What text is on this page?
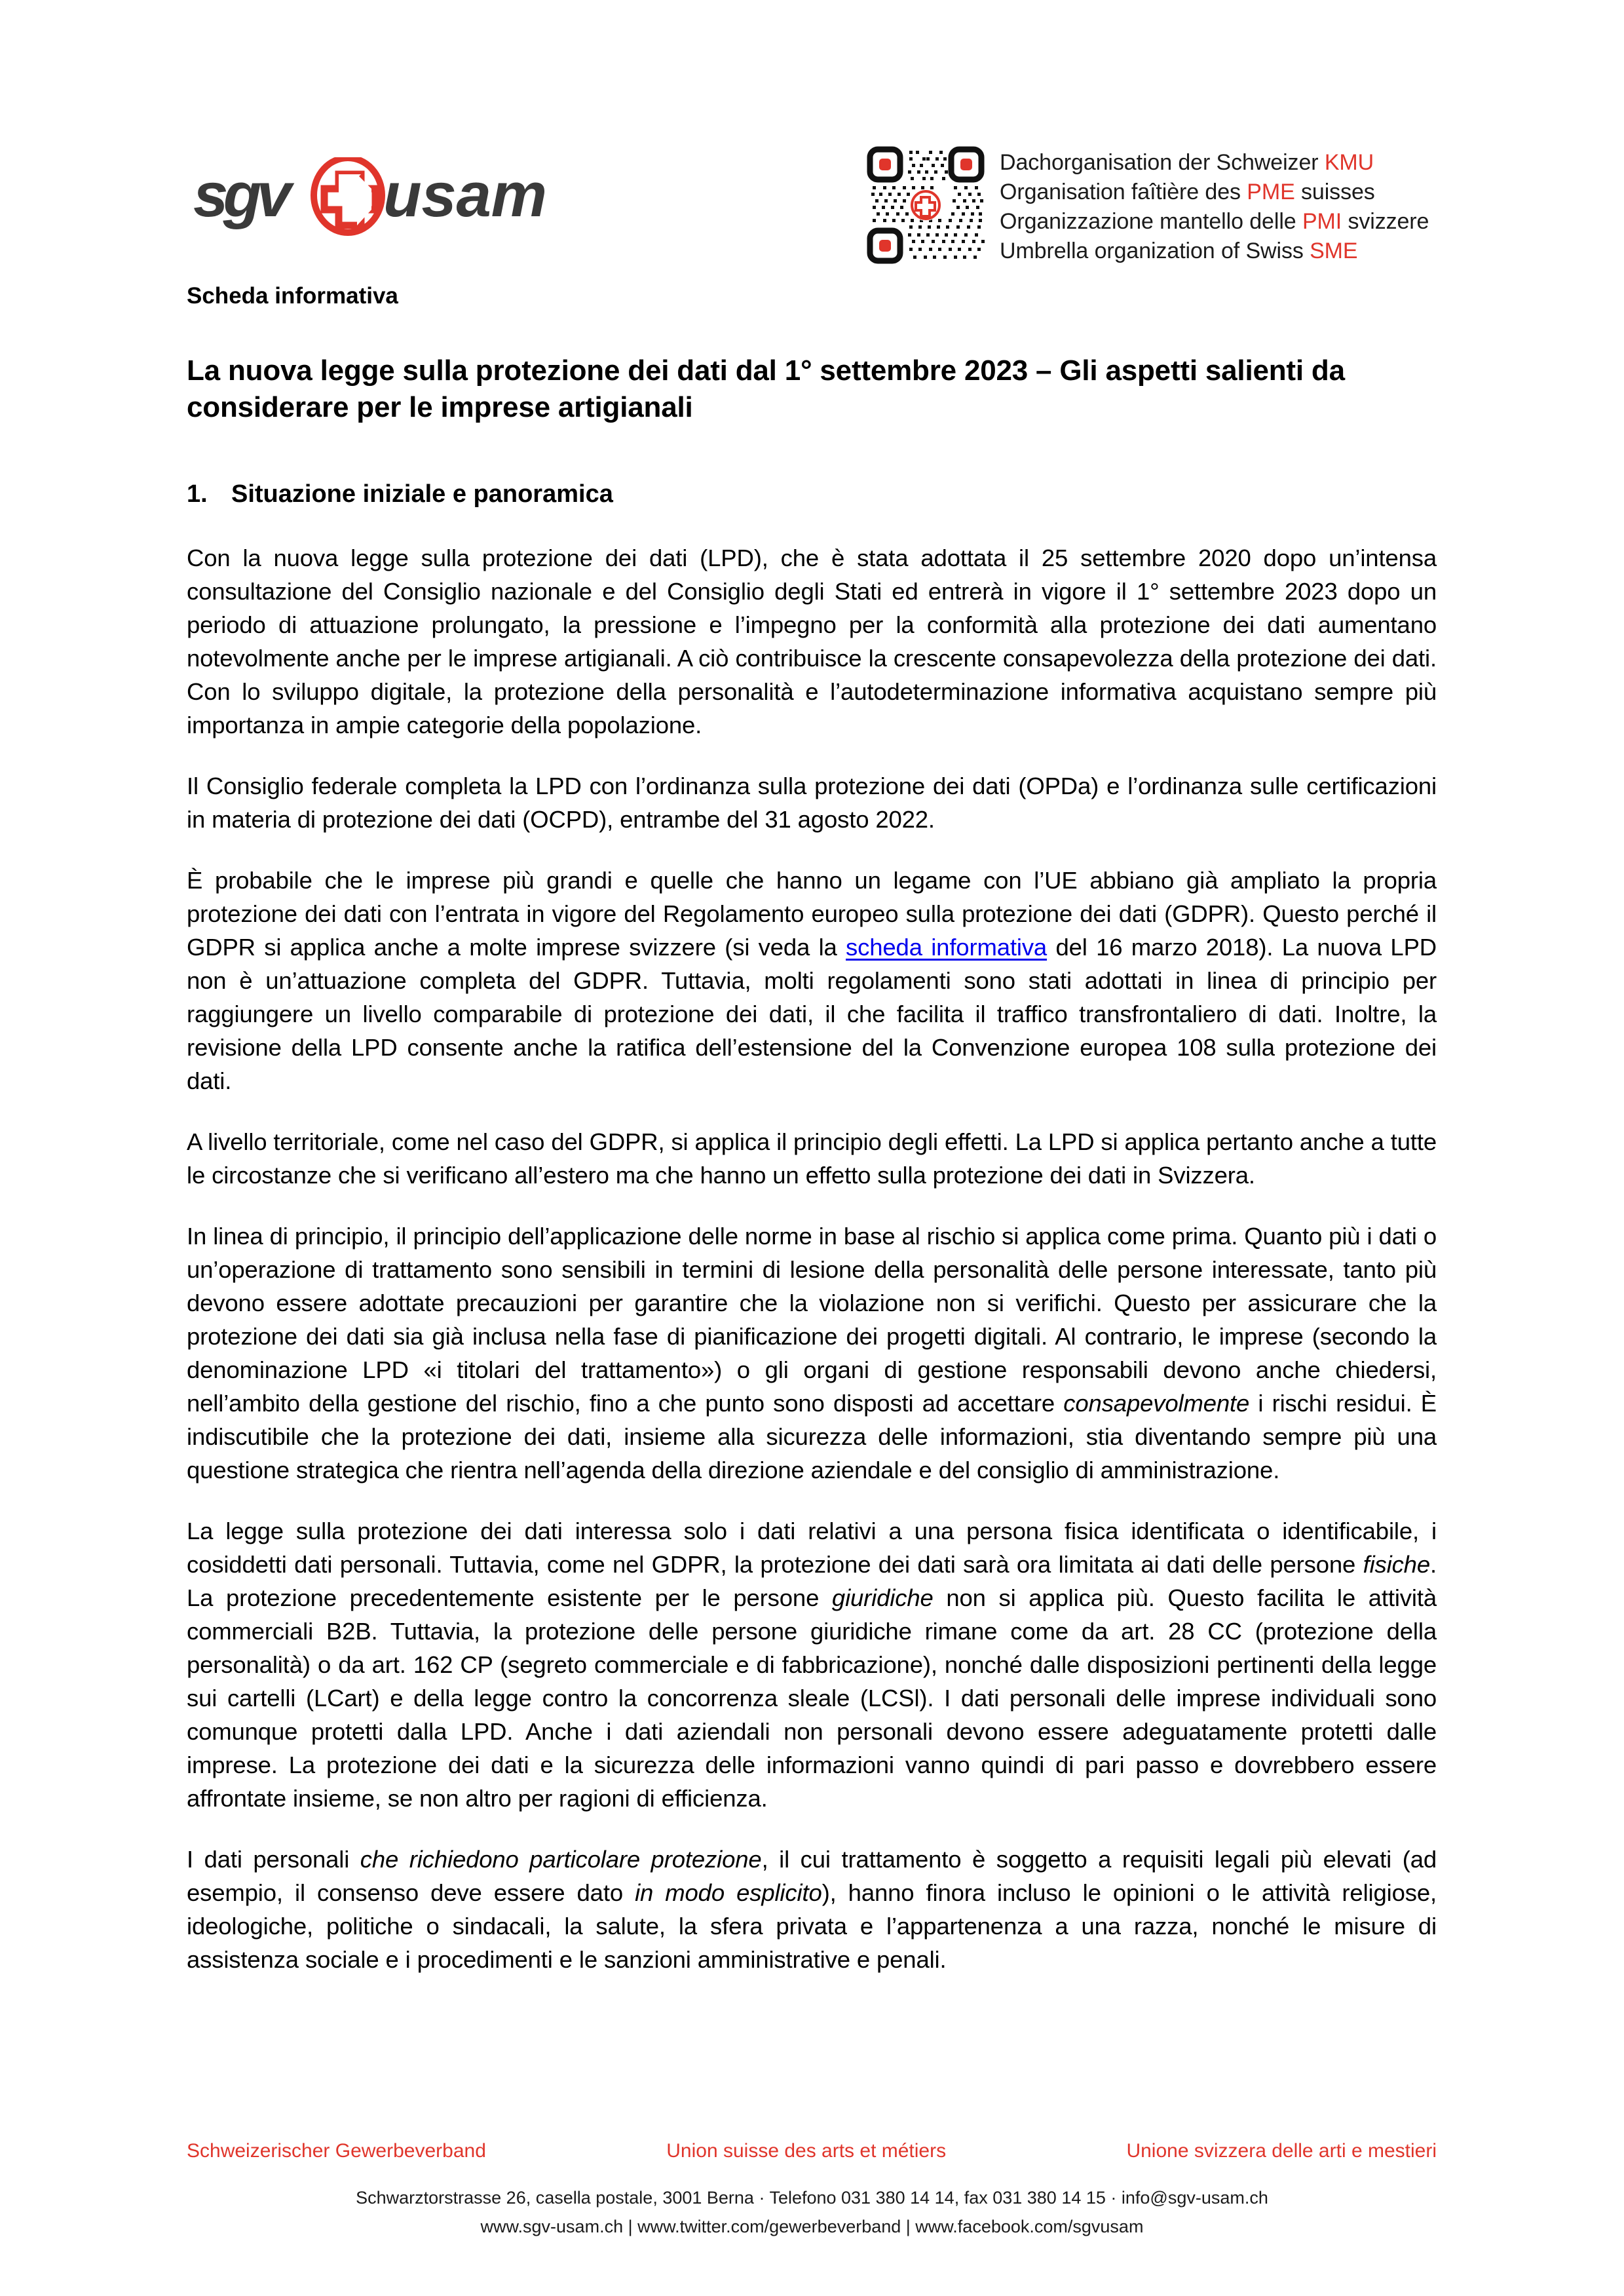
sgv usam	Dachorganisation der Schweizer KMU
Organisation faîtière des PME suisses
Organizzazione mantello delle PMI svizzere
Umbrella organization of Swiss SME
Scheda informativa
La nuova legge sulla protezione dei dati dal 1° settembre 2023 – Gli aspetti salienti da considerare per le imprese artigianali
1. Situazione iniziale e panoramica

Con la nuova legge sulla protezione dei dati (LPD), che è stata adottata il 25 settembre 2020 dopo un’intensa consultazione del Consiglio nazionale e del Consiglio degli Stati ed entrerà in vigore il 1° settembre 2023 dopo un periodo di attuazione prolungato, la pressione e l’impegno per la conformità alla protezione dei dati aumentano notevolmente anche per le imprese artigianali. A ciò contribuisce la crescente consapevolezza della protezione dei dati. Con lo sviluppo digitale, la protezione della personalità e l’autodeterminazione informativa acquistano sempre più importanza in ampie categorie della popolazione.

Il Consiglio federale completa la LPD con l’ordinanza sulla protezione dei dati (OPDa) e l’ordinanza sulle certificazioni in materia di protezione dei dati (OCPD), entrambe del 31 agosto 2022.

È probabile che le imprese più grandi e quelle che hanno un legame con l’UE abbiano già ampliato la propria protezione dei dati con l’entrata in vigore del Regolamento europeo sulla protezione dei dati (GDPR). Questo perché il GDPR si applica anche a molte imprese svizzere (si veda la scheda informativa del 16 marzo 2018). La nuova LPD non è un’attuazione completa del GDPR. Tuttavia, molti regolamenti sono stati adottati in linea di principio per raggiungere un livello comparabile di protezione dei dati, il che facilita il traffico transfrontaliero di dati. Inoltre, la revisione della LPD consente anche la ratifica dell’estensione del la Convenzione europea 108 sulla protezione dei dati.

A livello territoriale, come nel caso del GDPR, si applica il principio degli effetti. La LPD si applica pertanto anche a tutte le circostanze che si verificano all’estero ma che hanno un effetto sulla protezione dei dati in Svizzera.

In linea di principio, il principio dell’applicazione delle norme in base al rischio si applica come prima. Quanto più i dati o un’operazione di trattamento sono sensibili in termini di lesione della personalità delle persone interessate, tanto più devono essere adottate precauzioni per garantire che la violazione non si verifichi. Questo per assicurare che la protezione dei dati sia già inclusa nella fase di pianificazione dei progetti digitali. Al contrario, le imprese (secondo la denominazione LPD «i titolari del trattamento») o gli organi di gestione responsabili devono anche chiedersi, nell’ambito della gestione del rischio, fino a che punto sono disposti ad accettare consapevolmente i rischi residui. È indiscutibile che la protezione dei dati, insieme alla sicurezza delle informazioni, stia diventando sempre più una questione strategica che rientra nell’agenda della direzione aziendale e del consiglio di amministrazione.

La legge sulla protezione dei dati interessa solo i dati relativi a una persona fisica identificata o identificabile, i cosiddetti dati personali. Tuttavia, come nel GDPR, la protezione dei dati sarà ora limitata ai dati delle persone fisiche. La protezione precedentemente esistente per le persone giuridiche non si applica più. Questo facilita le attività commerciali B2B. Tuttavia, la protezione delle persone giuridiche rimane come da art. 28 CC (protezione della personalità) o da art. 162 CP (segreto commerciale e di fabbricazione), nonché dalle disposizioni pertinenti della legge sui cartelli (LCart) e della legge contro la concorrenza sleale (LCSl). I dati personali delle imprese individuali sono comunque protetti dalla LPD. Anche i dati aziendali non personali devono essere adeguatamente protetti dalle imprese. La protezione dei dati e la sicurezza delle informazioni vanno quindi di pari passo e dovrebbero essere affrontate insieme, se non altro per ragioni di efficienza.

I dati personali che richiedono particolare protezione, il cui trattamento è soggetto a requisiti legali più elevati (ad esempio, il consenso deve essere dato in modo esplicito), hanno finora incluso le opinioni o le attività religiose, ideologiche, politiche o sindacali, la salute, la sfera privata e l’appartenenza a una razza, nonché le misure di assistenza sociale e i procedimenti e le sanzioni amministrative e penali.

Schweizerischer Gewerbeverband	Union suisse des arts et métiers	Unione svizzera delle arti e mestieri
Schwarztorstrasse 26, casella postale, 3001 Berna · Telefono 031 380 14 14, fax 031 380 14 15 · info@sgv-usam.ch
www.sgv-usam.ch | www.twitter.com/gewerbeverband | www.facebook.com/sgvusam
